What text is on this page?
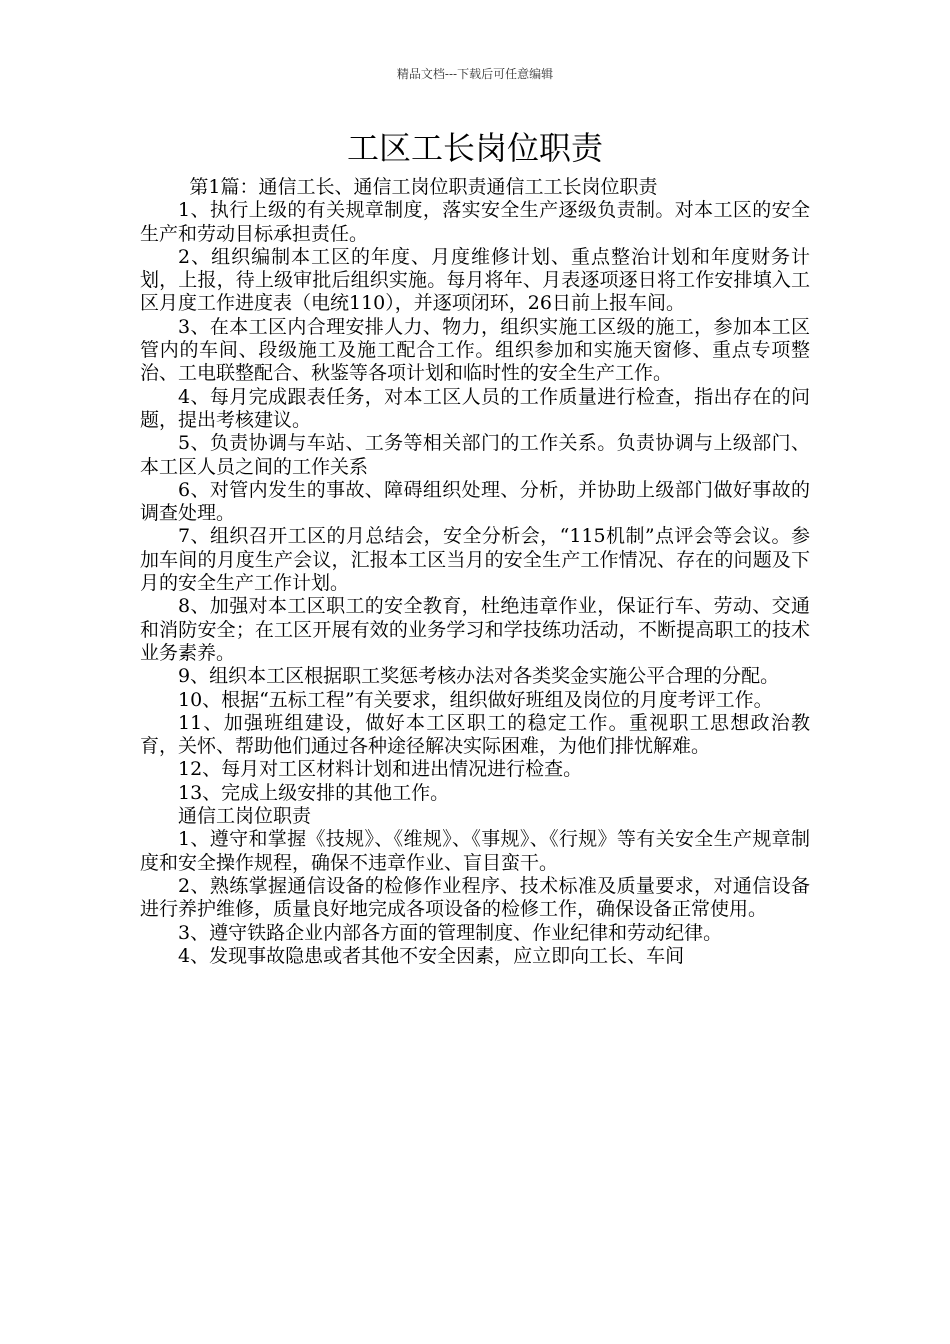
精品文档---下载后可任意编辑
工区工长岗位职责

第1篇：通信工长、通信工岗位职责通信工工长岗位职责

1、执行上级的有关规章制度，落实安全生产逐级负责制。对本工区的安全生产和劳动目标承担责任。

2、组织编制本工区的年度、月度维修计划、重点整治计划和年度财务计划，上报，待上级审批后组织实施。每月将年、月表逐项逐日将工作安排填入工区月度工作进度表（电统110），并逐项闭环，26日前上报车间。

3、在本工区内合理安排人力、物力，组织实施工区级的施工，参加本工区管内的车间、段级施工及施工配合工作。组织参加和实施天窗修、重点专项整治、工电联整配合、秋鉴等各项计划和临时性的安全生产工作。

4、每月完成跟表任务，对本工区人员的工作质量进行检查，指出存在的问题，提出考核建议。

5、负责协调与车站、工务等相关部门的工作关系。负责协调与上级部门、本工区人员之间的工作关系

6、对管内发生的事故、障碍组织处理、分析，并协助上级部门做好事故的调查处理。

7、组织召开工区的月总结会，安全分析会，“115机制”点评会等会议。参加车间的月度生产会议，汇报本工区当月的安全生产工作情况、存在的问题及下月的安全生产工作计划。

8、加强对本工区职工的安全教育，杜绝违章作业，保证行车、劳动、交通和消防安全；在工区开展有效的业务学习和学技练功活动，不断提高职工的技术业务素养。

9、组织本工区根据职工奖惩考核办法对各类奖金实施公平合理的分配。

10、根据“五标工程”有关要求，组织做好班组及岗位的月度考评工作。

11、加强班组建设，做好本工区职工的稳定工作。重视职工思想政治教育，关怀、帮助他们通过各种途径解决实际困难，为他们排忧解难。

12、每月对工区材料计划和进出情况进行检查。

13、完成上级安排的其他工作。

通信工岗位职责

1、遵守和掌握《技规》、《维规》、《事规》、《行规》等有关安全生产规章制度和安全操作规程，确保不违章作业、盲目蛮干。

2、熟练掌握通信设备的检修作业程序、技术标准及质量要求，对通信设备进行养护维修，质量良好地完成各项设备的检修工作，确保设备正常使用。

3、遵守铁路企业内部各方面的管理制度、作业纪律和劳动纪律。

4、发现事故隐患或者其他不安全因素，应立即向工长、车间
